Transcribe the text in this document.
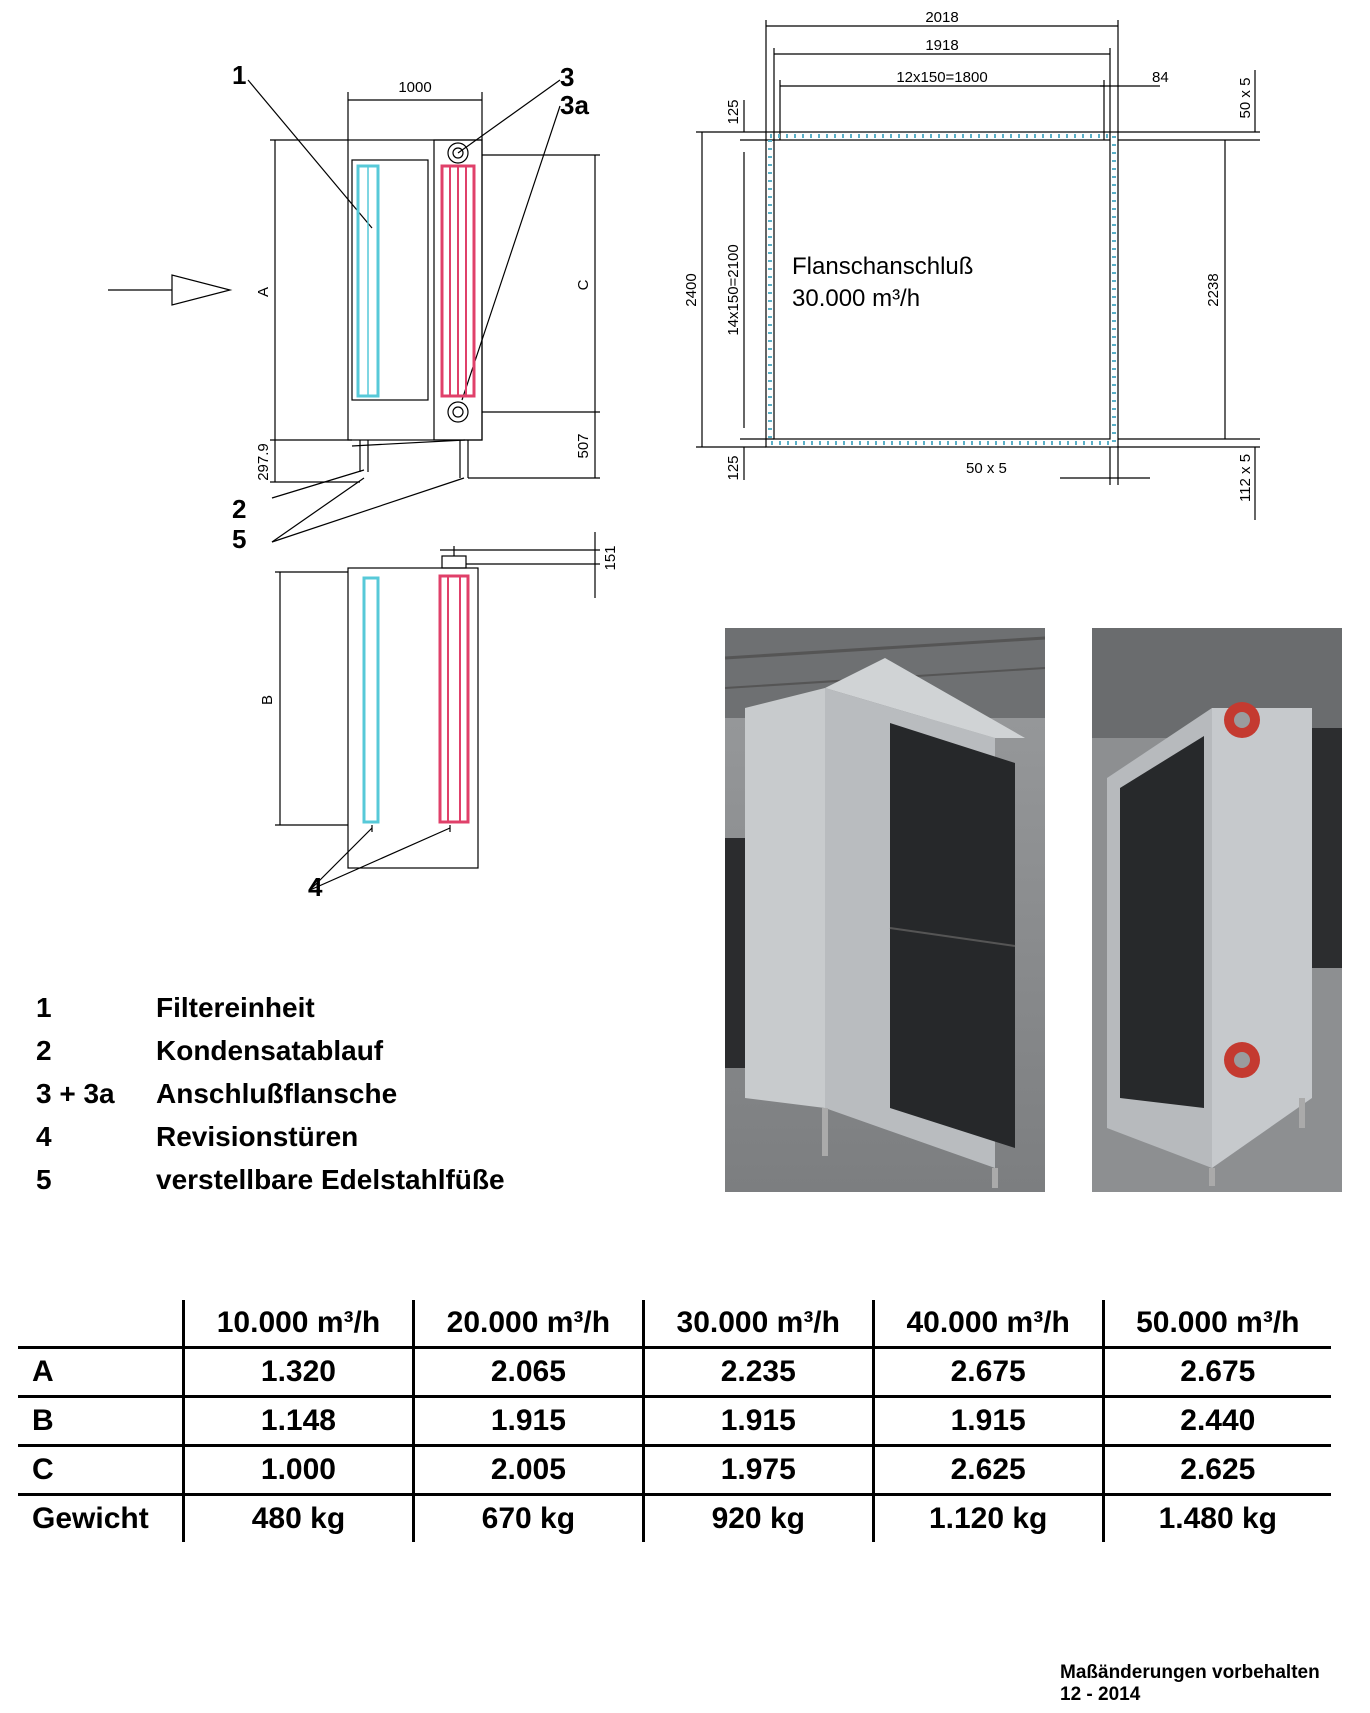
1000
A
C
297.9	507
1	3
3a
2
5
B
151
4
2018
1918
12x150=1800	84
50 x 5
125
125
14x150=2100
2400	2238
50 x 5	112 x 5
Flanschanschluß
30.000 m³/h
1	Filtereinheit
2	Kondensatablauf
3 + 3a Anschlußflansche
4	Revisionstüren
5	verstellbare Edelstahlfüße
	10.000 m³/h	20.000 m³/h	30.000 m³/h	40.000 m³/h	50.000 m³/h
A	1.320	2.065	2.235	2.675	2.675
B	1.148	1.915	1.915	1.915	2.440
C	1.000	2.005	1.975	2.625	2.625
Gewicht	480 kg	670 kg	920 kg	1.120 kg	1.480 kg
Maßänderungen vorbehalten
12 - 2014
